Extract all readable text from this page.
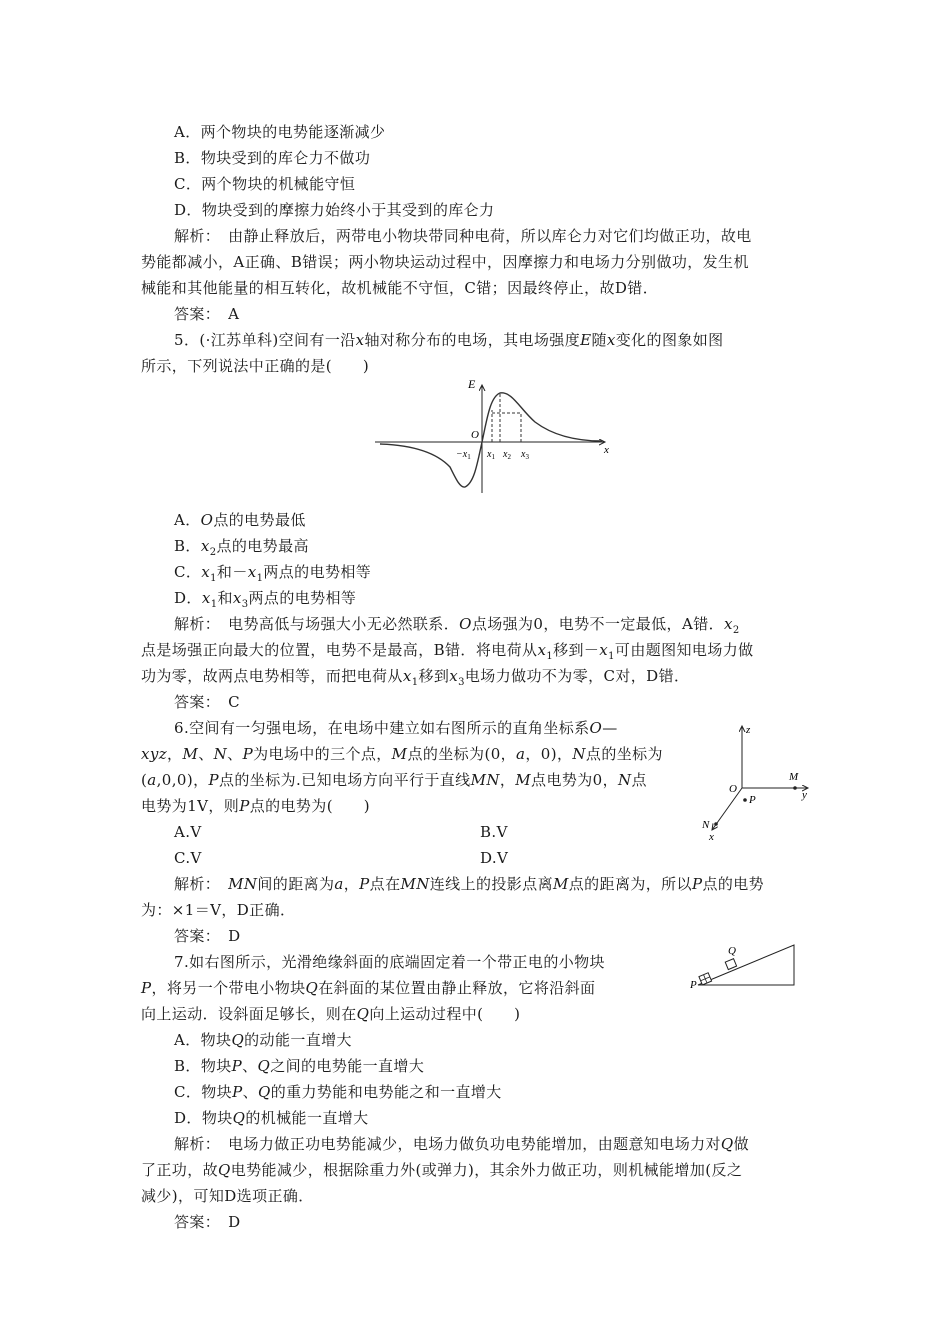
A．两个物块的电势能逐渐减少
B．物块受到的库仑力不做功
C．两个物块的机械能守恒
D．物块受到的摩擦力始终小于其受到的库仑力
解析：　由静止释放后，两带电小物块带同种电荷，所以库仑力对它们均做正功，故电
势能都减小，A正确、B错误；两小物块运动过程中，因摩擦力和电场力分别做功，发生机
械能和其他能量的相互转化，故机械能不守恒，C错；因最终停止，故D错．
答案：　A
5．(·江苏单科)空间有一沿x轴对称分布的电场，其电场强度E随x变化的图象如图
所示，下列说法中正确的是(　　)
E
x
O
$-x_1$ $x_1$ $x_2$ $x_3$
A．O点的电势最低
B．$x_2$点的电势最高
C．$x_1$和$-x_1$两点的电势相等
D．$x_1$和$x_3$两点的电势相等
解析：　电势高低与场强大小无必然联系．O点场强为0，电势不一定最低，A错．$x_2$
点是场强正向最大的位置，电势不是最高，B错．将电荷从$x_1$移到$-x_1$可由题图知电场力做
功为零，故两点电势相等，而把电荷从$x_1$移到$x_3$电场力做功不为零，C对，D错．
答案：　C
6.空间有一匀强电场，在电场中建立如右图所示的直角坐标系O—
xyz，M、N、P为电场中的三个点，M点的坐标为(0，a，0)，N点的坐标为
(a,0,0)，P点的坐标为.已知电场方向平行于直线MN，M点电势为0，N点
电势为1V，则P点的电势为(　　)
A.V	B.V
C.V	D.V
z
y
x
O
M
P
N
解析：　MN间的距离为a，P点在MN连线上的投影点离M点的距离为，所以P点的电势
为：×1＝V，D正确．
答案：　D
7.如右图所示，光滑绝缘斜面的底端固定着一个带正电的小物块
P，将另一个带电小物块Q在斜面的某位置由静止释放，它将沿斜面
向上运动．设斜面足够长，则在Q向上运动过程中(　　)
Q
P
A．物块Q的动能一直增大
B．物块P、Q之间的电势能一直增大
C．物块P、Q的重力势能和电势能之和一直增大
D．物块Q的机械能一直增大
解析：　电场力做正功电势能减少，电场力做负功电势能增加，由题意知电场力对Q做
了正功，故Q电势能减少，根据除重力外(或弹力)，其余外力做正功，则机械能增加(反之
减少)，可知D选项正确．
答案：　D
